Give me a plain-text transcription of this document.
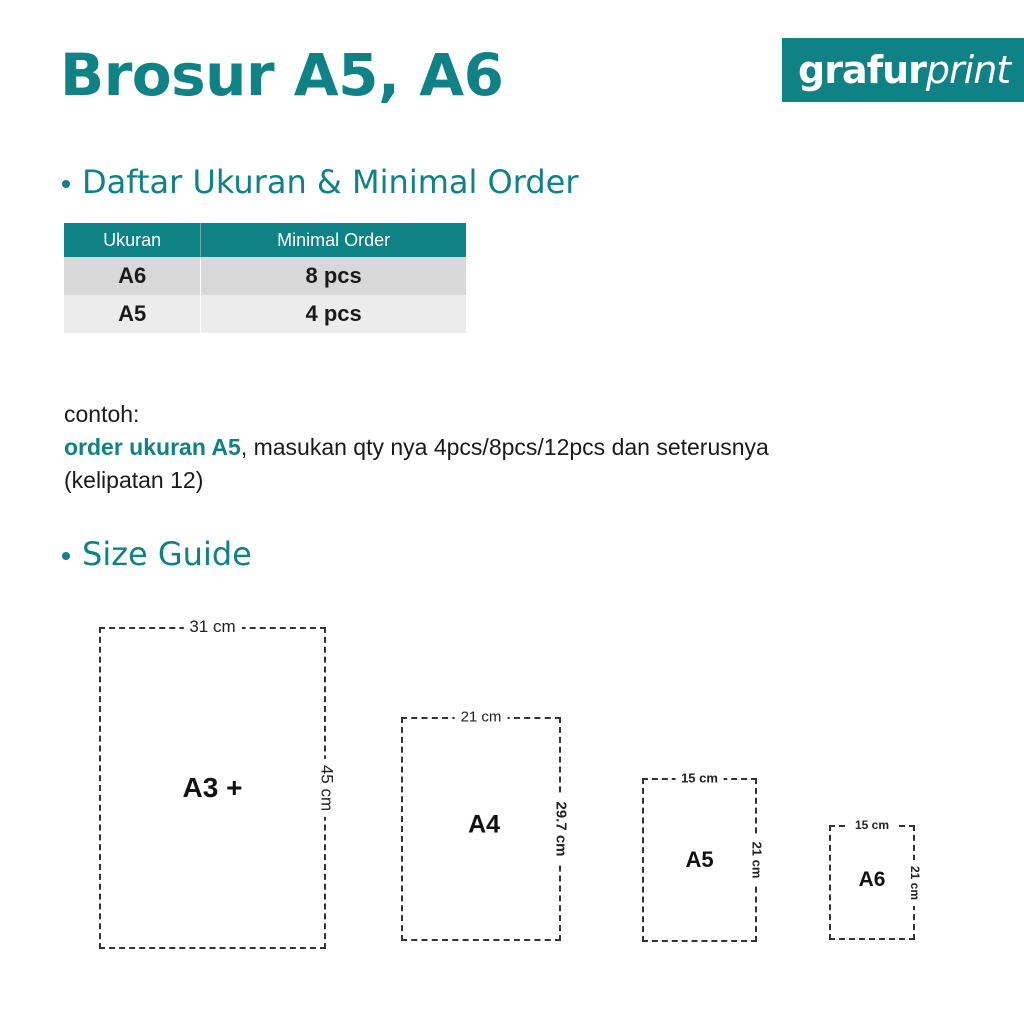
Brosur A5, A6	grafur print
Daftar Ukuran & Minimal Order
Ukuran	Minimal Order
A6	8 pcs
A5	4 pcs
contoh:
order ukuran A5, masukan qty nya 4pcs/8pcs/12pcs dan seterusnya
(kelipatan 12)
Size Guide
A3 +
31 cm
45 cm
A4
21 cm
29.7 cm
A5
15 cm
21 cm
A6
15 cm
21 cm
